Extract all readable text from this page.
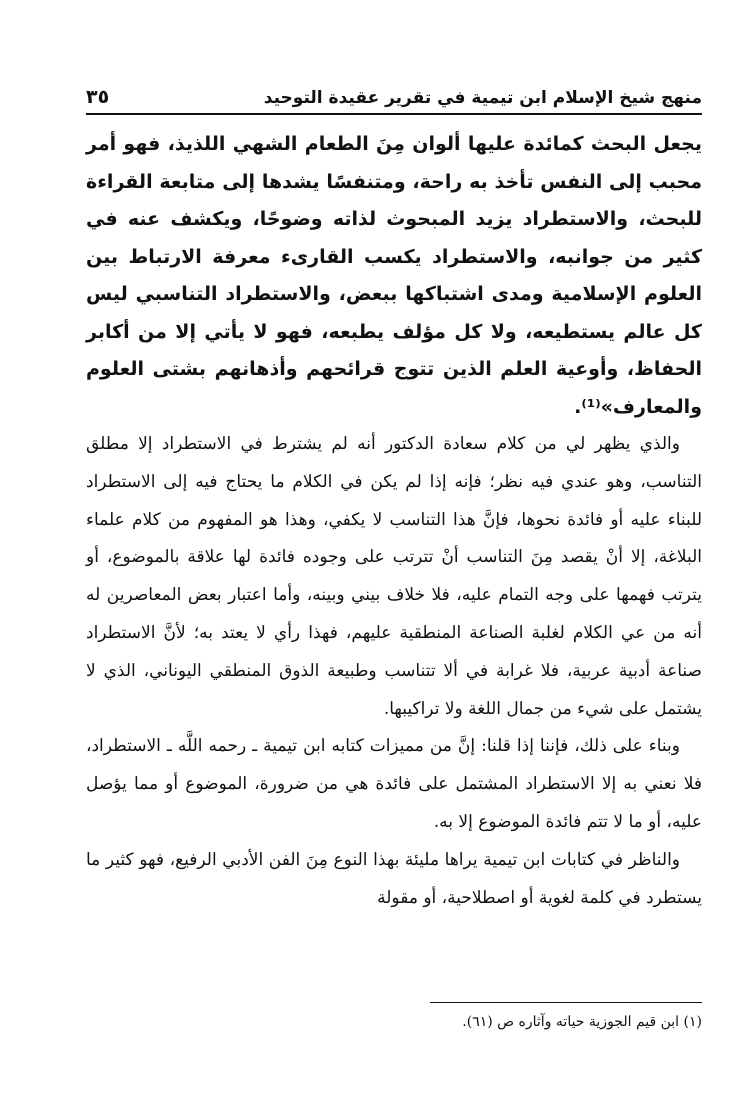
منهج شيخ الإسلام ابن تيمية في تقرير عقيدة التوحيد
٣٥

يجعل البحث كمائدة عليها ألوان مِنَ الطعام الشهي اللذيذ، فهو أمر محبب إلى النفس تأخذ به راحة، ومتنفسًا يشدها إلى متابعة القراءة للبحث، والاستطراد يزيد المبحوث لذاته وضوحًا، ويكشف عنه في كثير من جوانبه، والاستطراد يكسب القارىء معرفة الارتباط بين العلوم الإسلامية ومدى اشتباكها ببعض، والاستطراد التناسبي ليس كل عالم يستطيعه، ولا كل مؤلف يطبعه، فهو لا يأتي إلا من أكابر الحفاظ، وأوعية العلم الذين تتوج قرائحهم وأذهانهم بشتى العلوم والمعارف»⁽¹⁾.

والذي يظهر لي من كلام سعادة الدكتور أنه لم يشترط في الاستطراد إلا مطلق التناسب، وهو عندي فيه نظر؛ فإنه إذا لم يكن في الكلام ما يحتاج فيه إلى الاستطراد للبناء عليه أو فائدة نحوها، فإنَّ هذا التناسب لا يكفي، وهذا هو المفهوم من كلام علماء البلاغة، إلا أنْ يقصد مِنَ التناسب أنْ تترتب على وجوده فائدة لها علاقة بالموضوع، أو يترتب فهمها على وجه التمام عليه، فلا خلاف بيني وبينه، وأما اعتبار بعض المعاصرين له أنه من عي الكلام لغلبة الصناعة المنطقية عليهم، فهذا رأي لا يعتد به؛ لأنَّ الاستطراد صناعة أدبية عربية، فلا غرابة في ألا تتناسب وطبيعة الذوق المنطقي اليوناني، الذي لا يشتمل على شيء من جمال اللغة ولا تراكيبها.

وبناء على ذلك، فإننا إذا قلنا: إنَّ من مميزات كتابه ابن تيمية ـ رحمه اللَّه ـ الاستطراد، فلا نعني به إلا الاستطراد المشتمل على فائدة هي من ضرورة، الموضوع أو مما يؤصل عليه، أو ما لا تتم فائدة الموضوع إلا به.

والناظر في كتابات ابن تيمية يراها مليئة بهذا النوع مِنَ الفن الأدبي الرفيع، فهو كثير ما يستطرد في كلمة لغوية أو اصطلاحية، أو مقولة

(١) ابن قيم الجوزية حياته وآثاره ص (٦١).
